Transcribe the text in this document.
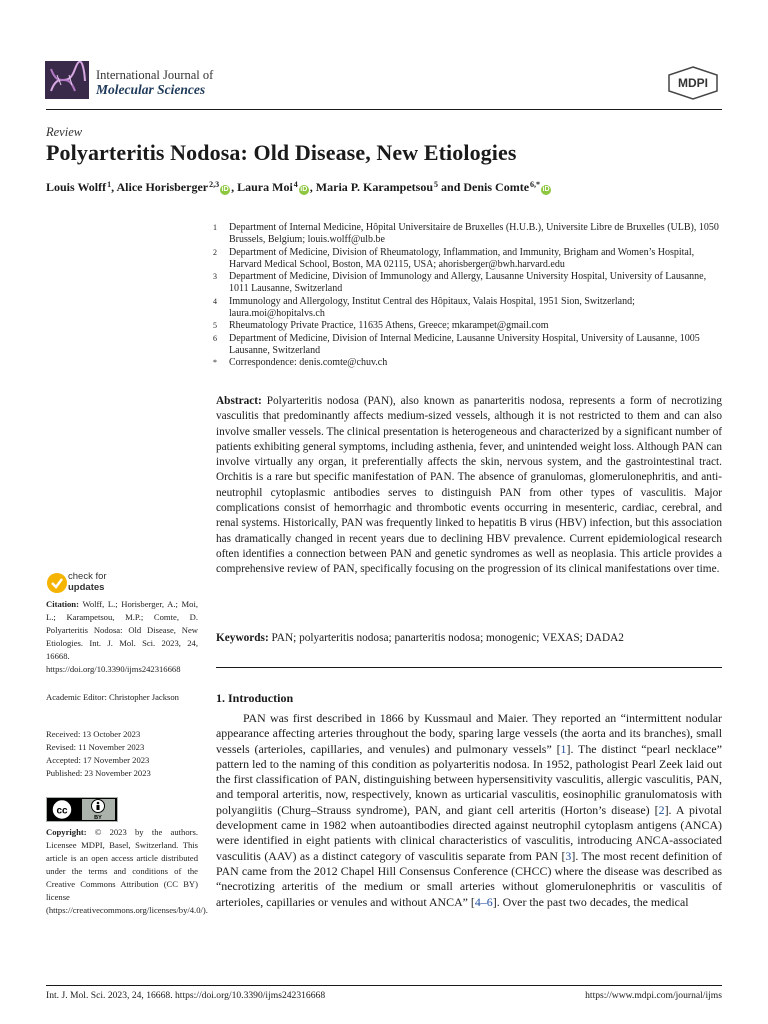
International Journal of
Molecular Sciences	MDPI
Review
Polyarteritis Nodosa: Old Disease, New Etiologies
Louis Wolff$^1$, Alice Horisberger$^{2,3}$iD , Laura Moi$^4$iD , Maria P. Karampetsou$^5$ and Denis Comte$^{6,*}$iD
1	Department of Internal Medicine, Hôpital Universitaire de Bruxelles (H.U.B.), Universite Libre de Bruxelles (ULB), 1050 Brussels, Belgium; louis.wolff@ulb.be
2	Department of Medicine, Division of Rheumatology, Inflammation, and Immunity, Brigham and Women’s Hospital, Harvard Medical School, Boston, MA 02115, USA; ahorisberger@bwh.harvard.edu
3	Department of Medicine, Division of Immunology and Allergy, Lausanne University Hospital, University of Lausanne, 1011 Lausanne, Switzerland
4	Immunology and Allergology, Institut Central des Hôpitaux, Valais Hospital, 1951 Sion, Switzerland; laura.moi@hopitalvs.ch
5	Rheumatology Private Practice, 11635 Athens, Greece; mkarampet@gmail.com
6	Department of Medicine, Division of Internal Medicine, Lausanne University Hospital, University of Lausanne, 1005 Lausanne, Switzerland
*	Correspondence: denis.comte@chuv.ch
Abstract: Polyarteritis nodosa (PAN), also known as panarteritis nodosa, represents a form of necrotizing vasculitis that predominantly affects medium-sized vessels, although it is not restricted to them and can also involve smaller vessels. The clinical presentation is heterogeneous and characterized by a significant number of patients exhibiting general symptoms, including asthenia, fever, and unintended weight loss. Although PAN can involve virtually any organ, it preferentially affects the skin, nervous system, and the gastrointestinal tract. Orchitis is a rare but specific manifestation of PAN. The absence of granulomas, glomerulonephritis, and anti-neutrophil cytoplasmic antibodies serves to distinguish PAN from other types of vasculitis. Major complications consist of hemorrhagic and thrombotic events occurring in mesenteric, cardiac, cerebral, and renal systems. Historically, PAN was frequently linked to hepatitis B virus (HBV) infection, but this association has dramatically changed in recent years due to declining HBV prevalence. Current epidemiological research often identifies a connection between PAN and genetic syndromes as well as neoplasia. This article provides a comprehensive review of PAN, specifically focusing on the progression of its clinical manifestations over time.
Keywords: PAN; polyarteritis nodosa; panarteritis nodosa; monogenic; VEXAS; DADA2
1. Introduction
PAN was first described in 1866 by Kussmaul and Maier. They reported an “intermittent nodular appearance affecting arteries throughout the body, sparing large vessels (the aorta and its branches), small vessels (arterioles, capillaries, and venules) and pulmonary vessels” [1]. The distinct “pearl necklace” pattern led to the naming of this condition as polyarteritis nodosa. In 1952, pathologist Pearl Zeek laid out the first classification of PAN, distinguishing between hypersensitivity vasculitis, allergic vasculitis, PAN, and temporal arteritis, now, respectively, known as urticarial vasculitis, eosinophilic granulomatosis with polyangiitis (Churg–Strauss syndrome), PAN, and giant cell arteritis (Horton’s disease) [2]. A pivotal development came in 1982 when autoantibodies directed against neutrophil cytoplasm antigens (ANCA) were identified in eight patients with clinical characteristics of vasculitis, introducing ANCA-associated vasculitis (AAV) as a distinct category of vasculitis separate from PAN [3]. The most recent definition of PAN came from the 2012 Chapel Hill Consensus Conference (CHCC) where the disease was described as “necrotizing arteritis of the medium or small arteries without glomerulonephritis or vasculitis of arterioles, capillaries or venules and without ANCA” [4–6]. Over the past two decades, the medical
check for
updates
Citation: Wolff, L.; Horisberger, A.; Moi, L.; Karampetsou, M.P.; Comte, D. Polyarteritis Nodosa: Old Disease, New Etiologies. Int. J. Mol. Sci. 2023, 24, 16668. https://doi.org/10.3390/ijms242316668
Academic Editor: Christopher Jackson
Received: 13 October 2023
Revised: 11 November 2023
Accepted: 17 November 2023
Published: 23 November 2023
cc
BY
Copyright: © 2023 by the authors. Licensee MDPI, Basel, Switzerland. This article is an open access article distributed under the terms and conditions of the Creative Commons Attribution (CC BY) license (https://creativecommons.org/licenses/by/4.0/).
Int. J. Mol. Sci. 2023, 24, 16668. https://doi.org/10.3390/ijms242316668	https://www.mdpi.com/journal/ijms
